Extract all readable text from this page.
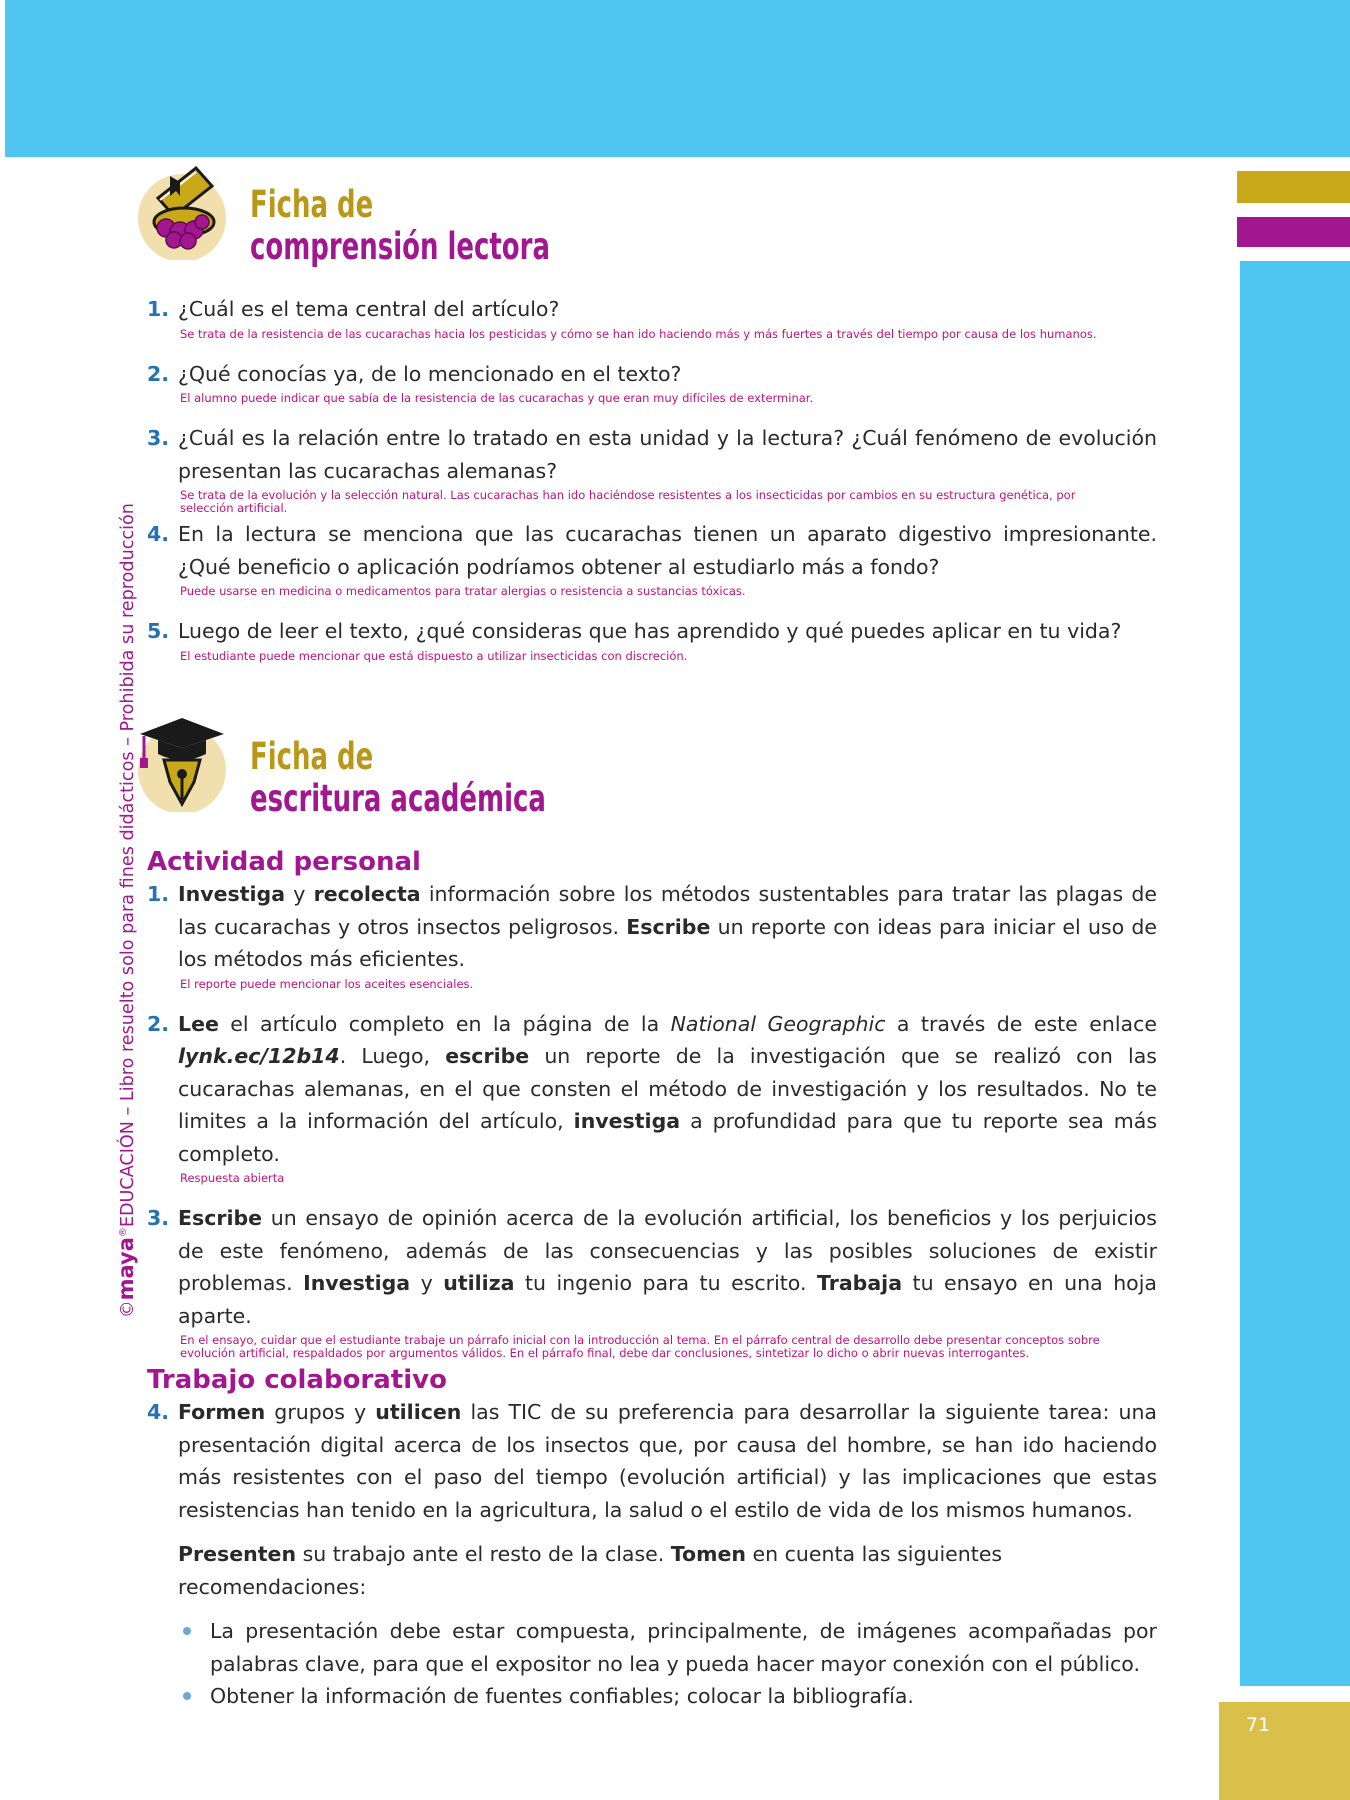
71
©maya®EDUCACIÓN – Libro resuelto solo para fines didácticos – Prohibida su reproducción
Ficha de
comprensión lectora
1. ¿Cuál es el tema central del artículo?
Se trata de la resistencia de las cucarachas hacia los pesticidas y cómo se han ido haciendo más y más fuertes a través del tiempo por causa de los humanos.
2. ¿Qué conocías ya, de lo mencionado en el texto?
El alumno puede indicar que sabía de la resistencia de las cucarachas y que eran muy difíciles de exterminar.
3. ¿Cuál es la relación entre lo tratado en esta unidad y la lectura? ¿Cuál fenómeno de evolución presentan las cucarachas alemanas?
Se trata de la evolución y la selección natural. Las cucarachas han ido haciéndose resistentes a los insecticidas por cambios en su estructura genética, por selección artificial.
4. En la lectura se menciona que las cucarachas tienen un aparato digestivo impresionante. ¿Qué beneficio o aplicación podríamos obtener al estudiarlo más a fondo?
Puede usarse en medicina o medicamentos para tratar alergias o resistencia a sustancias tóxicas.
5. Luego de leer el texto, ¿qué consideras que has aprendido y qué puedes aplicar en tu vida?
El estudiante puede mencionar que está dispuesto a utilizar insecticidas con discreción.
Ficha de
escritura académica
Actividad personal
1. Investiga y recolecta información sobre los métodos sustentables para tratar las plagas de las cucarachas y otros insectos peligrosos. Escribe un reporte con ideas para iniciar el uso de los métodos más eficientes.
El reporte puede mencionar los aceites esenciales.
2. Lee el artículo completo en la página de la National Geographic a través de este enlace lynk.ec/12b14. Luego, escribe un reporte de la investigación que se realizó con las cucarachas alemanas, en el que consten el método de investigación y los resultados. No te limites a la información del artículo, investiga a profundidad para que tu reporte sea más completo.
Respuesta abierta
3. Escribe un ensayo de opinión acerca de la evolución artificial, los beneficios y los perjuicios de este fenómeno, además de las consecuencias y las posibles soluciones de existir problemas. Investiga y utiliza tu ingenio para tu escrito. Trabaja tu ensayo en una hoja aparte.
En el ensayo, cuidar que el estudiante trabaje un párrafo inicial con la introducción al tema. En el párrafo central de desarrollo debe presentar conceptos sobre evolución artificial, respaldados por argumentos válidos. En el párrafo final, debe dar conclusiones, sintetizar lo dicho o abrir nuevas interrogantes.
Trabajo colaborativo
4. Formen grupos y utilicen las TIC de su preferencia para desarrollar la siguiente tarea: una presentación digital acerca de los insectos que, por causa del hombre, se han ido haciendo más resistentes con el paso del tiempo (evolución artificial) y las implicaciones que estas resistencias han tenido en la agricultura, la salud o el estilo de vida de los mismos humanos.
Presenten su trabajo ante el resto de la clase. Tomen en cuenta las siguientes recomendaciones:
La presentación debe estar compuesta, principalmente, de imágenes acompañadas por palabras clave, para que el expositor no lea y pueda hacer mayor conexión con el público.
Obtener la información de fuentes confiables; colocar la bibliografía.
